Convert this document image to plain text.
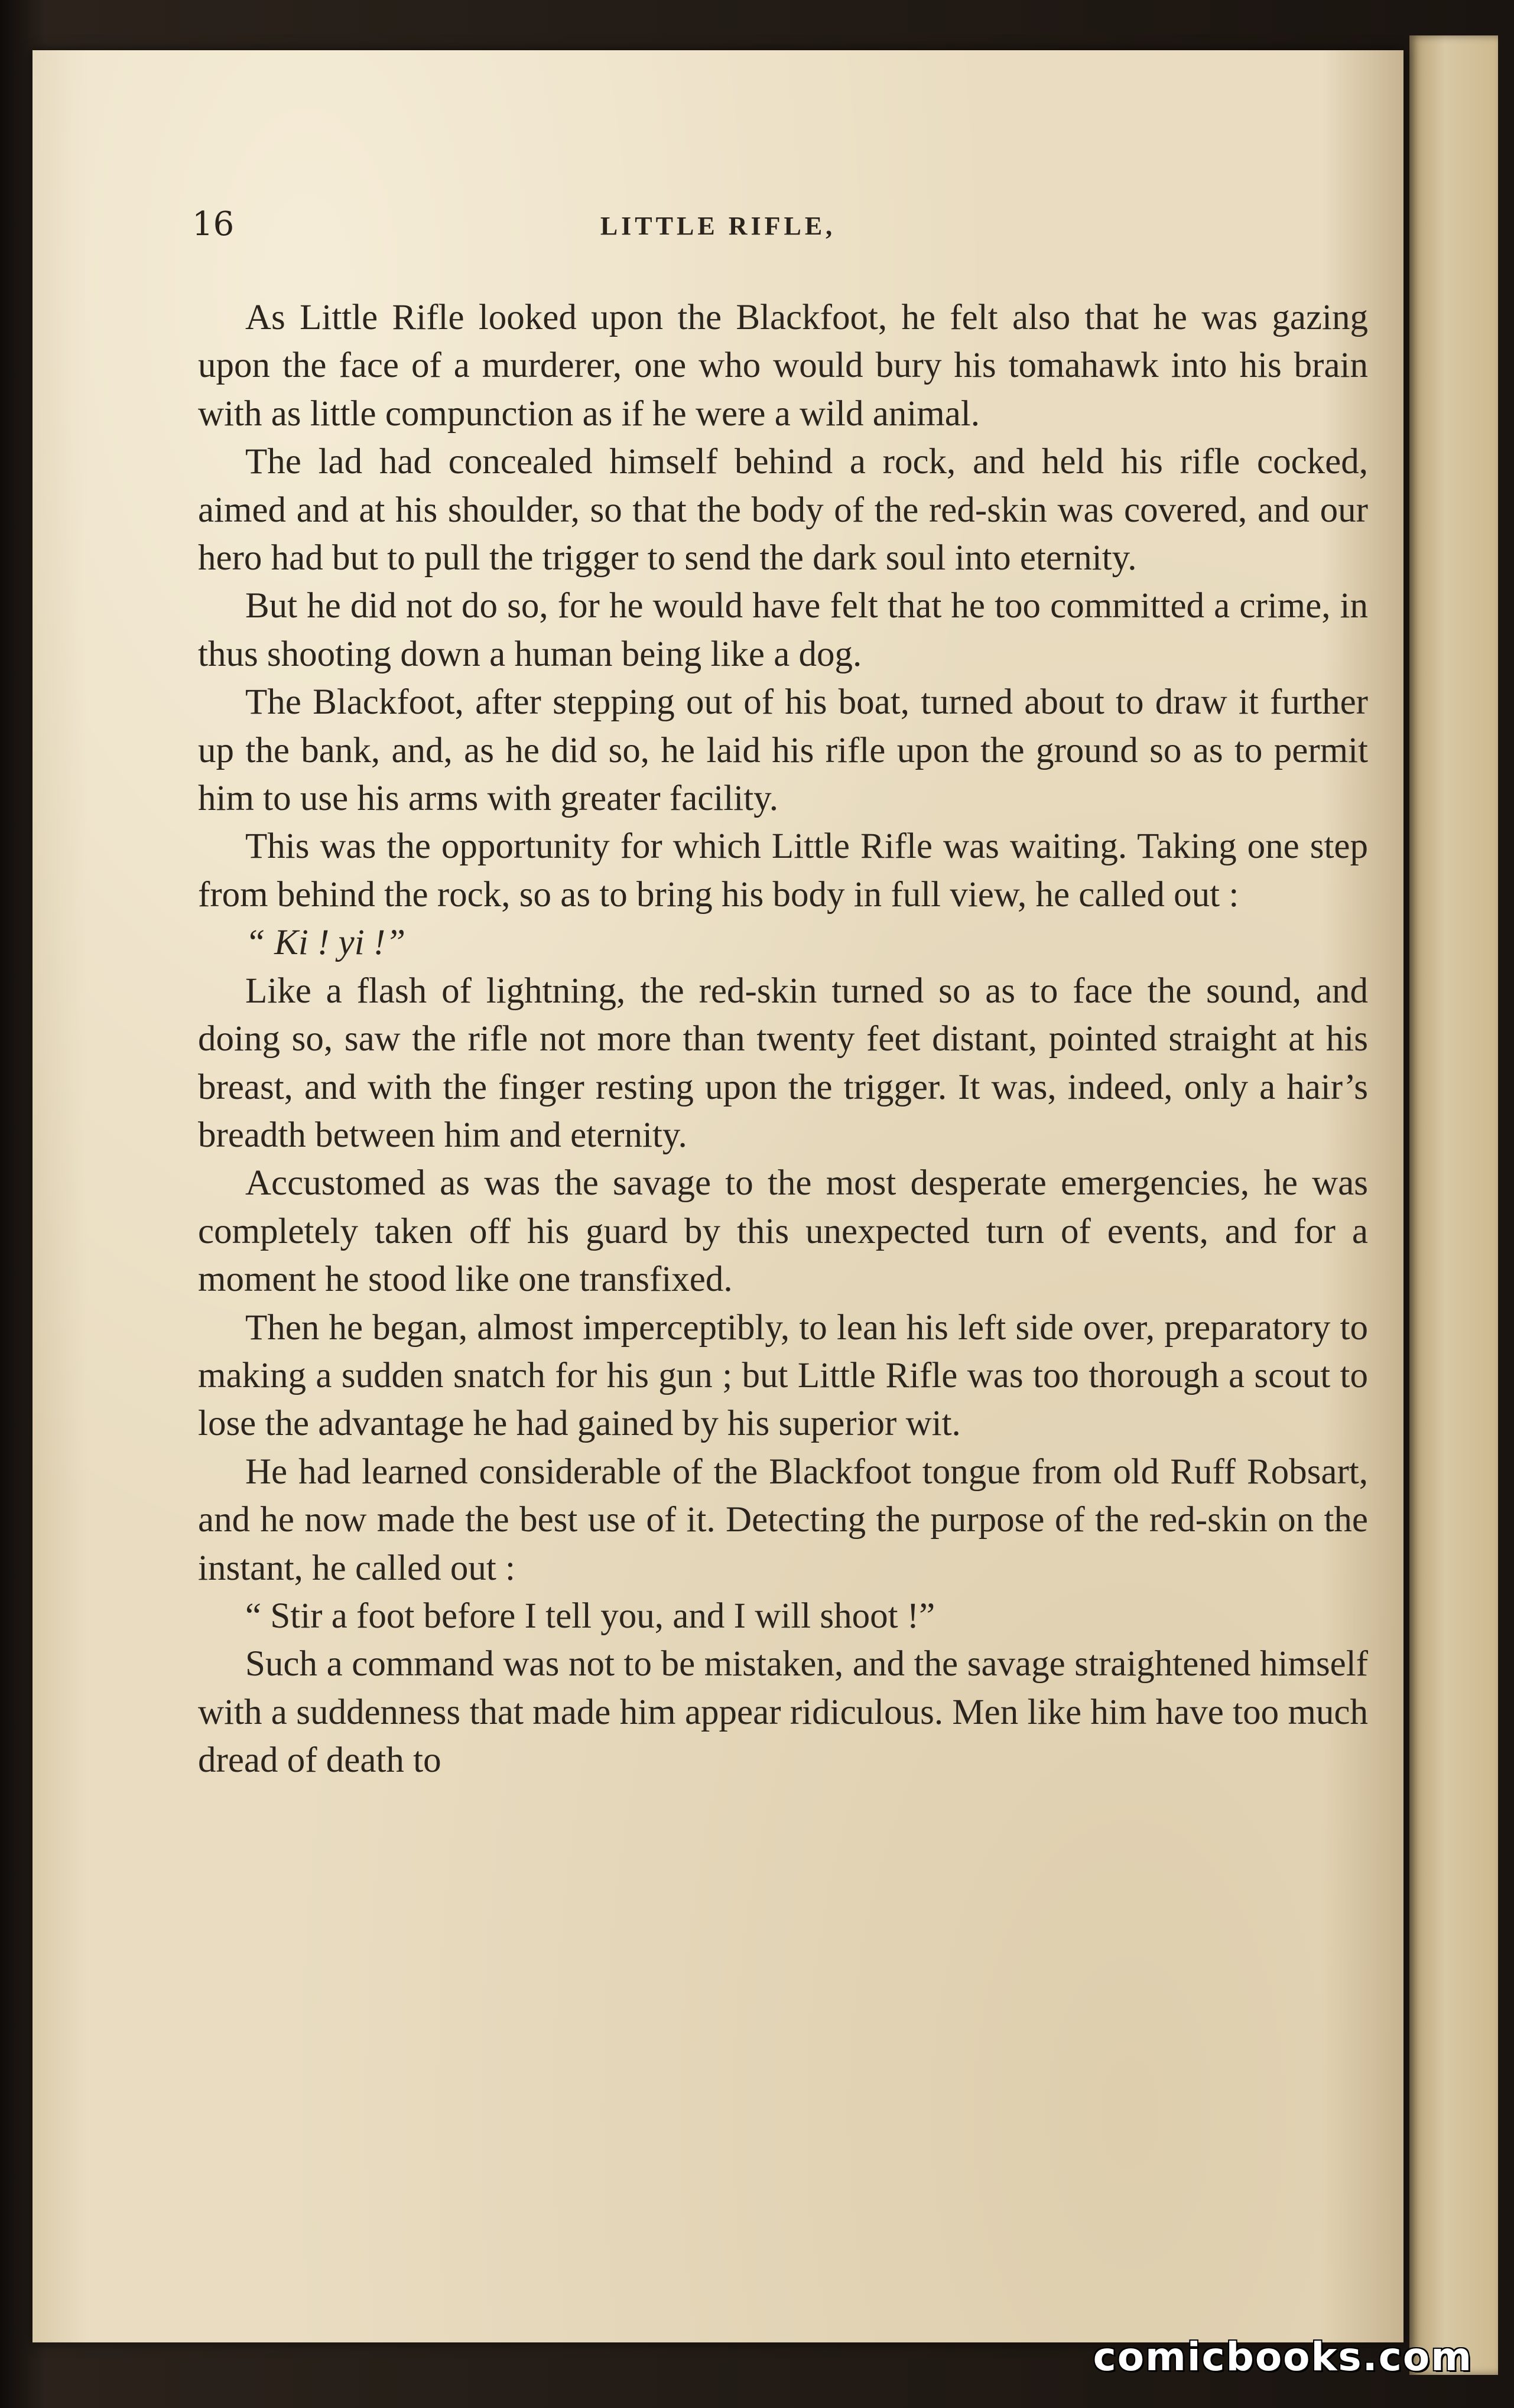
16	LITTLE RIFLE,

As Little Rifle looked upon the Blackfoot, he felt also that he was gazing upon the face of a murderer, one who would bury his tomahawk into his brain with as little compunction as if he were a wild animal.

The lad had concealed himself behind a rock, and held his rifle cocked, aimed and at his shoulder, so that the body of the red-skin was covered, and our hero had but to pull the trigger to send the dark soul into eternity.

But he did not do so, for he would have felt that he too committed a crime, in thus shooting down a human being like a dog.

The Blackfoot, after stepping out of his boat, turned about to draw it further up the bank, and, as he did so, he laid his rifle upon the ground so as to permit him to use his arms with greater facility.

This was the opportunity for which Little Rifle was waiting. Taking one step from behind the rock, so as to bring his body in full view, he called out :

“ Ki ! yi !”

Like a flash of lightning, the red-skin turned so as to face the sound, and doing so, saw the rifle not more than twenty feet distant, pointed straight at his breast, and with the finger resting upon the trigger. It was, indeed, only a hair’s breadth between him and eternity.

Accustomed as was the savage to the most desperate emergencies, he was completely taken off his guard by this unexpected turn of events, and for a moment he stood like one transfixed.

Then he began, almost imperceptibly, to lean his left side over, preparatory to making a sudden snatch for his gun ; but Little Rifle was too thorough a scout to lose the advantage he had gained by his superior wit.

He had learned considerable of the Blackfoot tongue from old Ruff Robsart, and he now made the best use of it. Detecting the purpose of the red-skin on the instant, he called out :

“ Stir a foot before I tell you, and I will shoot !”

Such a command was not to be mistaken, and the savage straightened himself with a suddenness that made him appear ridiculous. Men like him have too much dread of death to

comicbooks.com
